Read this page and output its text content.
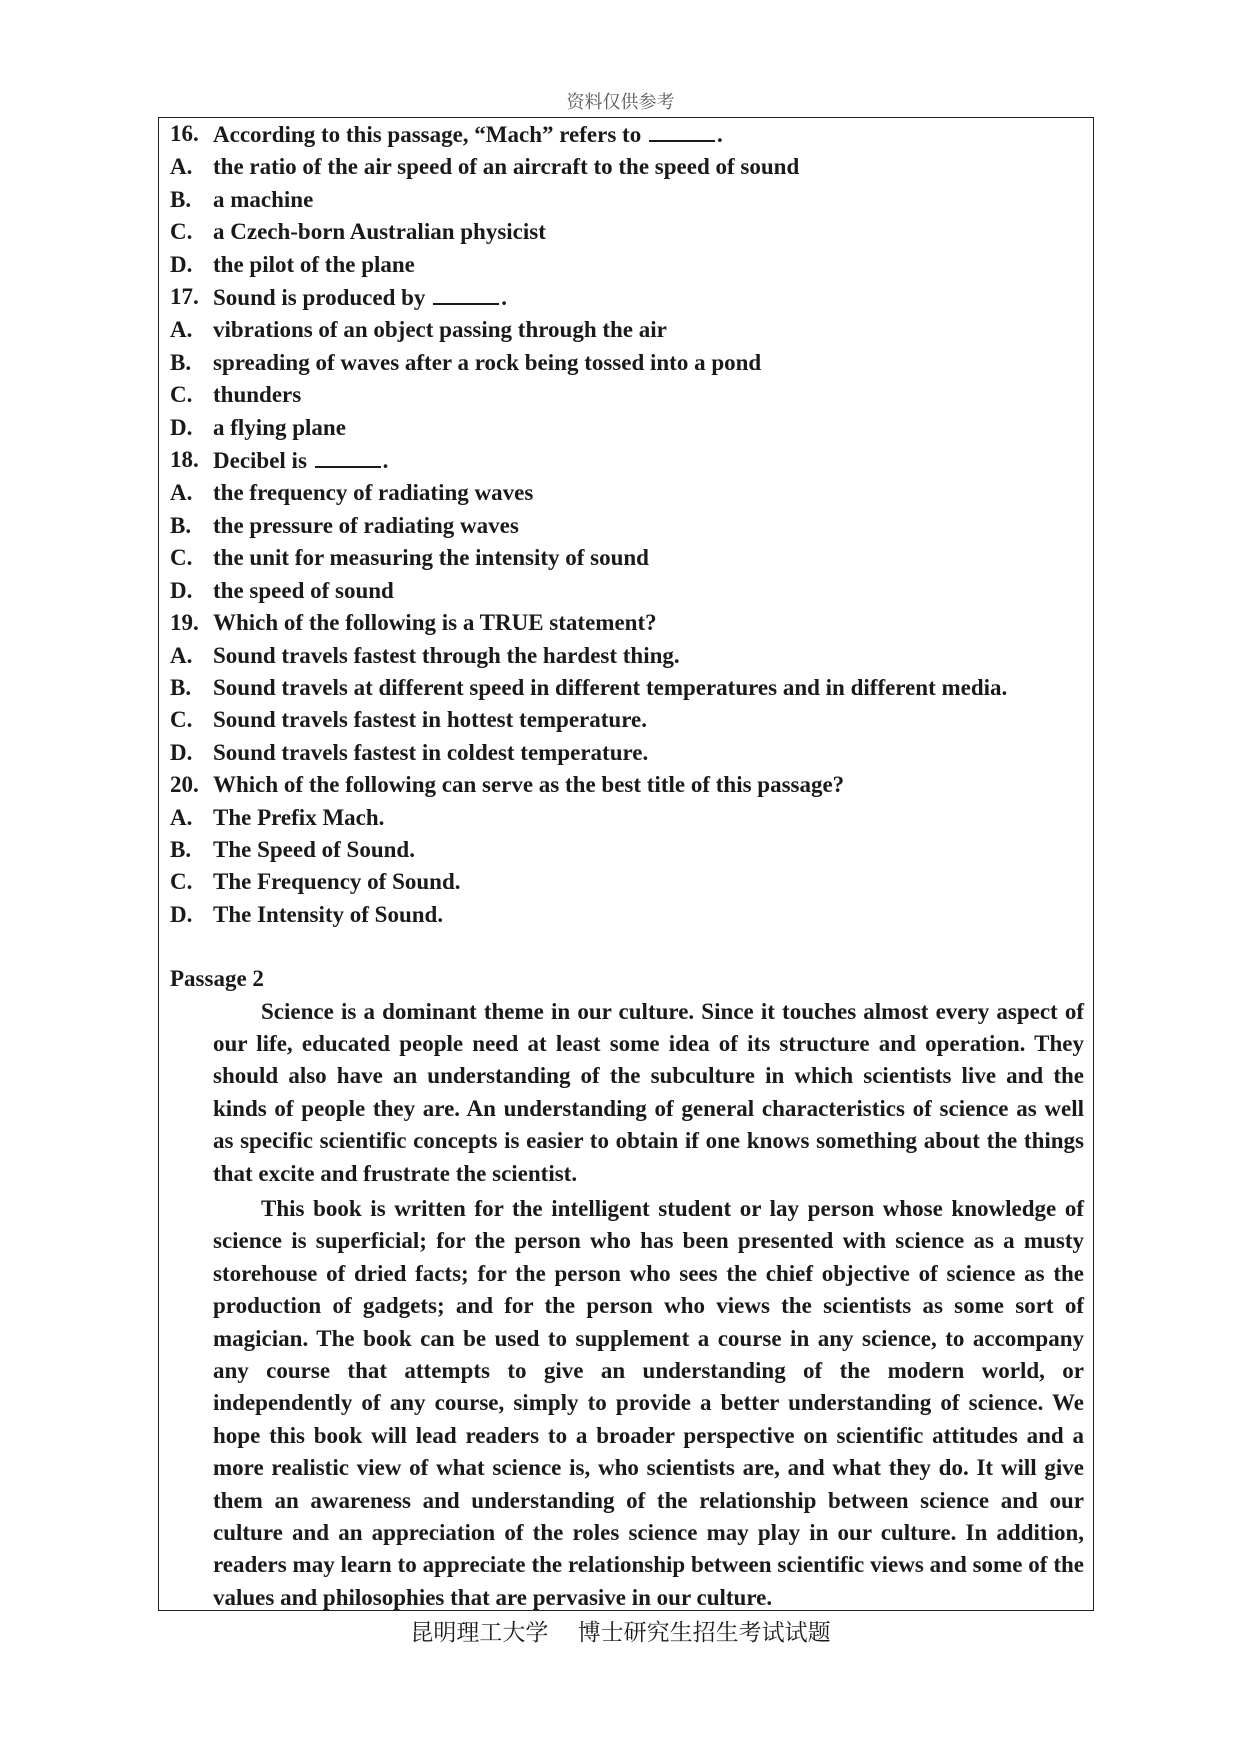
资料仅供参考
16. According to this passage, “Mach” refers to	.
A. the ratio of the air speed of an aircraft to the speed of sound
B. a machine
C. a Czech-born Australian physicist
D. the pilot of the plane
17. Sound is produced by	.
A. vibrations of an object passing through the air
B. spreading of waves after a rock being tossed into a pond
C. thunders
D. a flying plane
18. Decibel is	.
A. the frequency of radiating waves
B. the pressure of radiating waves
C. the unit for measuring the intensity of sound
D. the speed of sound
19. Which of the following is a TRUE statement?
A. Sound travels fastest through the hardest thing.
B. Sound travels at different speed in different temperatures and in different media.
C. Sound travels fastest in hottest temperature.
D. Sound travels fastest in coldest temperature.
20. Which of the following can serve as the best title of this passage?
A. The Prefix Mach.
B. The Speed of Sound.
C. The Frequency of Sound.
D. The Intensity of Sound.
Passage 2
Science is a dominant theme in our culture. Since it touches almost every aspect of our life, educated people need at least some idea of its structure and operation. They should also have an understanding of the subculture in which scientists live and the kinds of people they are. An understanding of general characteristics of science as well as specific scientific concepts is easier to obtain if one knows something about the things that excite and frustrate the scientist.
This book is written for the intelligent student or lay person whose knowledge of science is superficial; for the person who has been presented with science as a musty storehouse of dried facts; for the person who sees the chief objective of science as the production of gadgets; and for the person who views the scientists as some sort of magician. The book can be used to supplement a course in any science, to accompany any course that attempts to give an understanding of the modern world, or independently of any course, simply to provide a better understanding of science. We hope this book will lead readers to a broader perspective on scientific attitudes and a more realistic view of what science is, who scientists are, and what they do. It will give them an awareness and understanding of the relationship between science and our culture and an appreciation of the roles science may play in our culture. In addition, readers may learn to appreciate the relationship between scientific views and some of the values and philosophies that are pervasive in our culture.
昆明理工大学    博士研究生招生考试试题
